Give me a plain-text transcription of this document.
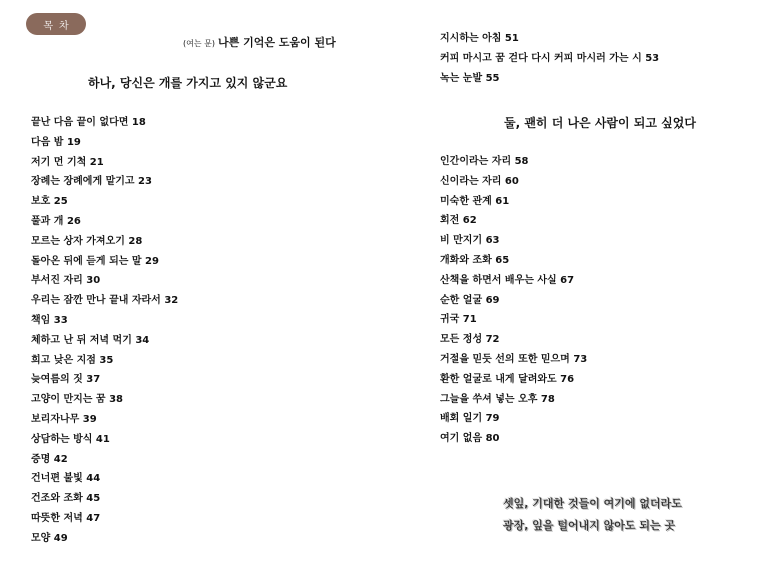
목차
(여는 문) 나쁜 기억은 도움이 된다
하나, 당신은 개를 가지고 있지 않군요
끝난 다음 끝이 없다면 18
다음 밤 19
저기 먼 기척 21
장례는 장례에게 맡기고 23
보호 25
풀과 개 26
모르는 상자 가져오기 28
돌아온 뒤에 듣게 되는 말 29
부서진 자리 30
우리는 잠깐 만나 끝내 자라서 32
책임 33
체하고 난 뒤 저녁 먹기 34
희고 낮은 지점 35
늦여름의 짓 37
고양이 만지는 꿈 38
보리자나무 39
상담하는 방식 41
증명 42
건너편 불빛 44
건조와 조화 45
따뜻한 저녁 47
모양 49
지시하는 아침 51
커피 마시고 꿈 걷다 다시 커피 마시러 가는 시 53
녹는 눈발 55
둘, 괜히 더 나은 사람이 되고 싶었다
인간이라는 자리 58
신이라는 자리 60
미숙한 관계 61
회전 62
비 만지기 63
개화와 조화 65
산책을 하면서 배우는 사실 67
순한 얼굴 69
귀국 71
모든 정성 72
거절을 믿듯 선의 또한 믿으며 73
환한 얼굴로 내게 달려와도 76
그늘을 쑤셔 넣는 오후 78
배회 일기 79
여기 없음 80
셋잎, 기대한 것들이 여기에 없더라도
광장, 잎을 털어내지 않아도 되는 곳
